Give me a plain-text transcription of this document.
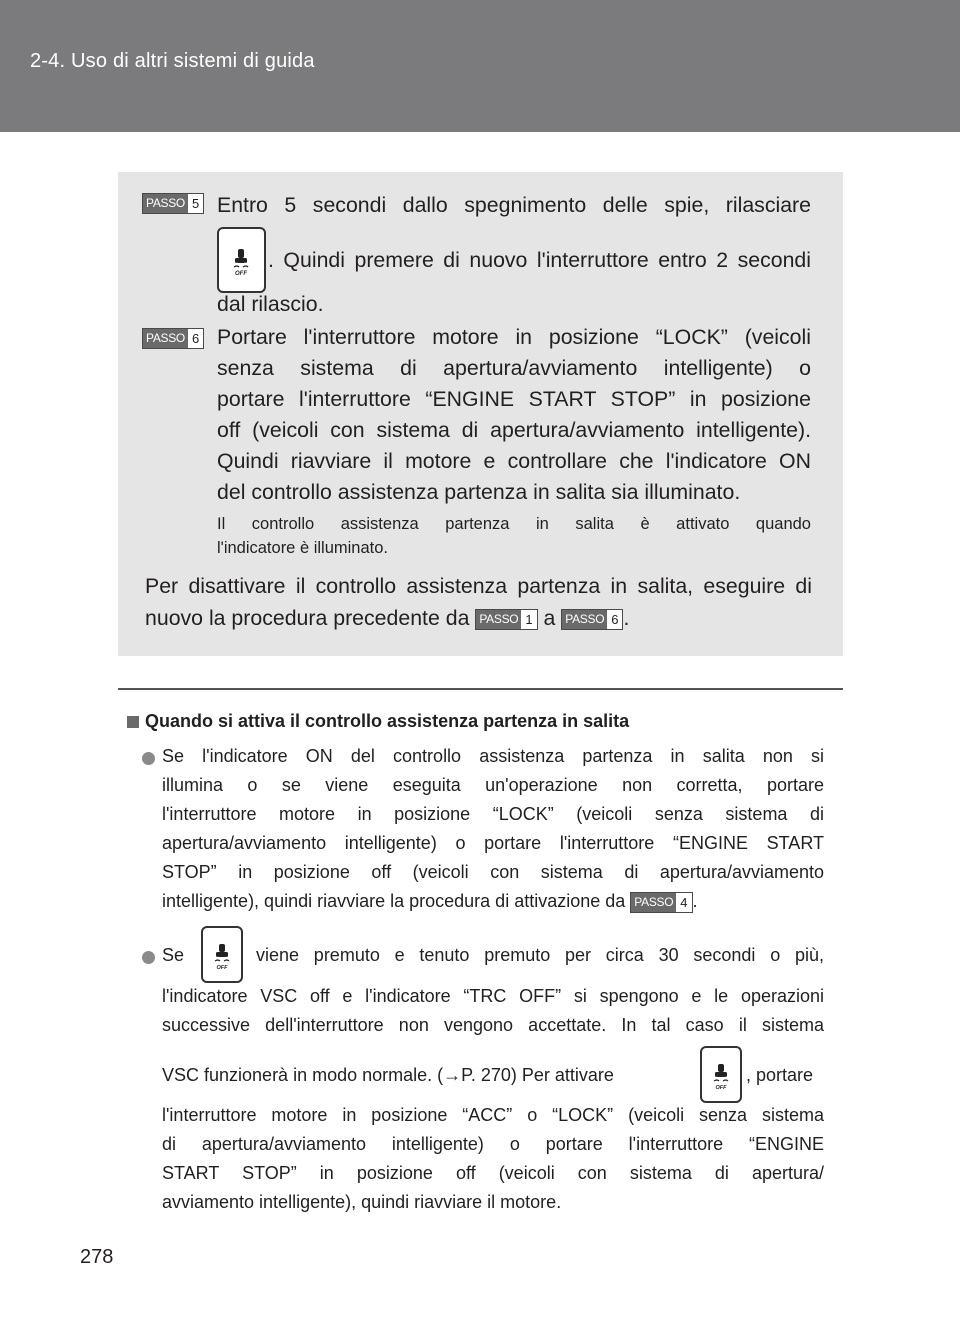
2-4. Uso di altri sistemi di guida
PASSO 5 Entro 5 secondi dallo spegnimento delle spie, rilasciare
OFF
. Quindi premere di nuovo l'interruttore entro 2 secondi
dal rilascio.
PASSO 6 Portare l'interruttore motore in posizione “LOCK” (veicoli
senza sistema di apertura/avviamento intelligente) o
portare l'interruttore “ENGINE START STOP” in posizione
off (veicoli con sistema di apertura/avviamento intelligente).
Quindi riavviare il motore e controllare che l'indicatore ON
del controllo assistenza partenza in salita sia illuminato.
Il controllo assistenza partenza in salita è attivato quando
l'indicatore è illuminato.
Per disattivare il controllo assistenza partenza in salita, eseguire di
nuovo la procedura precedente da PASSO 1 a PASSO 6 .
Quando si attiva il controllo assistenza partenza in salita
Se l'indicatore ON del controllo assistenza partenza in salita non si
illumina o se viene eseguita un'operazione non corretta, portare
l'interruttore motore in posizione “LOCK” (veicoli senza sistema di
apertura/avviamento intelligente) o portare l'interruttore “ENGINE START
STOP” in posizione off (veicoli con sistema di apertura/avviamento
intelligente), quindi riavviare la procedura di attivazione da PASSO 4 .
Se
OFF
viene premuto e tenuto premuto per circa 30 secondi o più,
l'indicatore VSC off e l'indicatore “TRC OFF” si spengono e le operazioni
successive dell'interruttore non vengono accettate. In tal caso il sistema
VSC funzionerà in modo normale. (→P. 270) Per attivare
OFF
, portare
l'interruttore motore in posizione “ACC” o “LOCK” (veicoli senza sistema
di apertura/avviamento intelligente) o portare l'interruttore “ENGINE
START STOP” in posizione off (veicoli con sistema di apertura/
avviamento intelligente), quindi riavviare il motore.
278
